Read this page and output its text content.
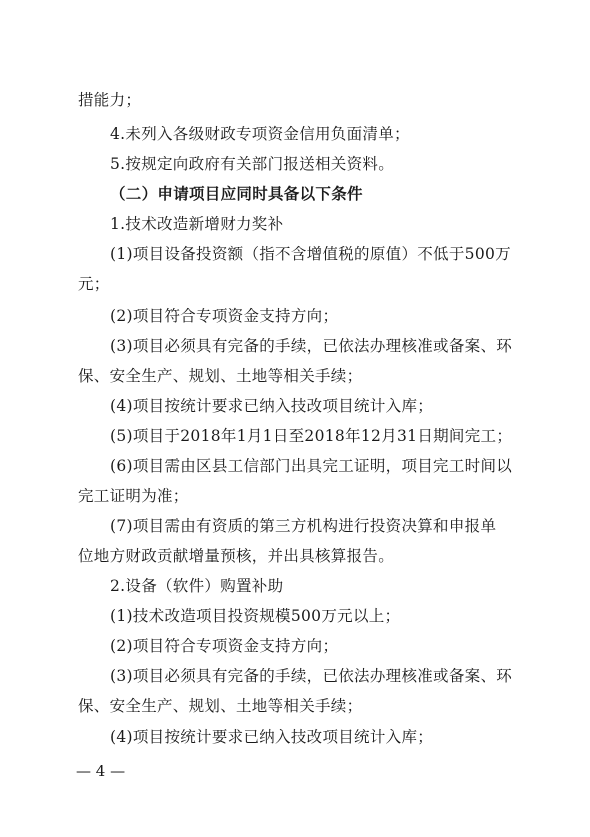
措能力；
4.未列入各级财政专项资金信用负面清单；
5.按规定向政府有关部门报送相关资料。
（二）申请项目应同时具备以下条件
1.技术改造新增财力奖补
(1)项目设备投资额（指不含增值税的原值）不低于500万
元；
(2)项目符合专项资金支持方向；
(3)项目必须具有完备的手续，已依法办理核准或备案、环
保、安全生产、规划、土地等相关手续；
(4)项目按统计要求已纳入技改项目统计入库；
(5)项目于2018年1月1日至2018年12月31日期间完工；
(6)项目需由区县工信部门出具完工证明，项目完工时间以
完工证明为准；
(7)项目需由有资质的第三方机构进行投资决算和申报单
位地方财政贡献增量预核，并出具核算报告。
2.设备（软件）购置补助
(1)技术改造项目投资规模500万元以上；
(2)项目符合专项资金支持方向；
(3)项目必须具有完备的手续，已依法办理核准或备案、环
保、安全生产、规划、土地等相关手续；
(4)项目按统计要求已纳入技改项目统计入库；
— 4 —
